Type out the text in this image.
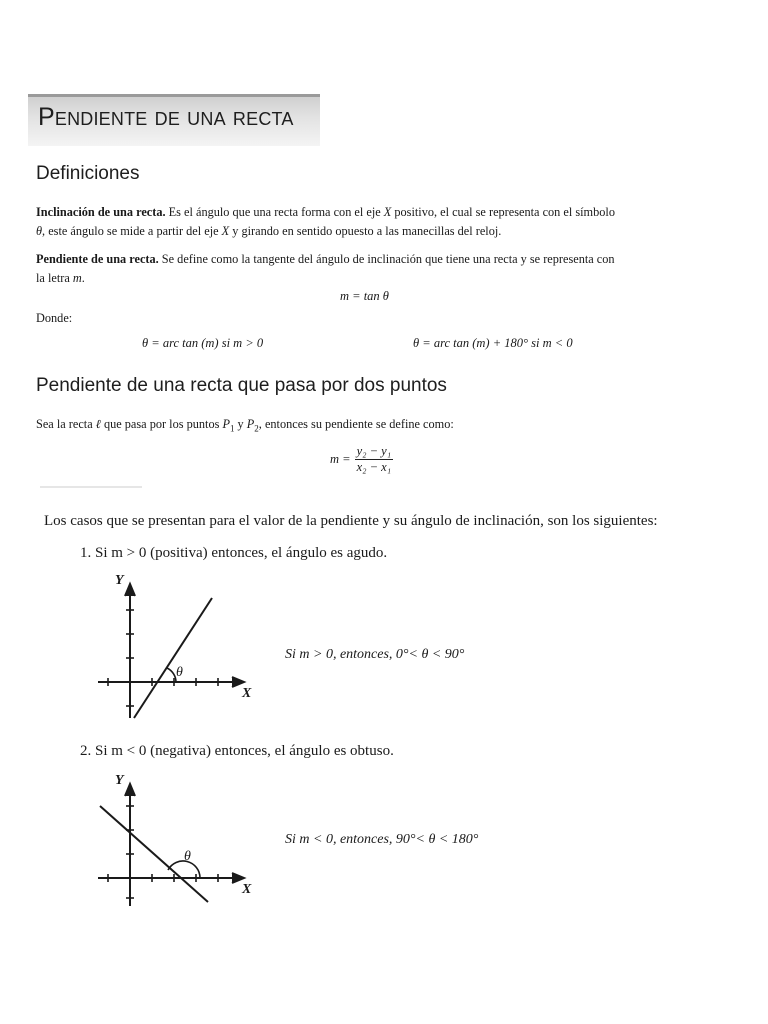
Pendiente de una recta
Definiciones
Inclinación de una recta. Es el ángulo que una recta forma con el eje X positivo, el cual se representa con el símbolo
θ, este ángulo se mide a partir del eje X y girando en sentido opuesto a las manecillas del reloj.
Pendiente de una recta. Se define como la tangente del ángulo de inclinación que tiene una recta y se representa con
la letra m.
m = tan θ
Donde:
θ = arc tan (m) si m > 0	θ = arc tan (m) + 180° si m < 0
Pendiente de una recta que pasa por dos puntos
Sea la recta ℓ que pasa por los puntos $P_1$ y $P_2$, entonces su pendiente se define como:
$m = \frac{\text{y₂ − y₁}}{\text{x₂ − x₁}}$
Los casos que se presentan para el valor de la pendiente y su ángulo de inclinación, son los siguientes:
1. Si m > 0 (positiva) entonces, el ángulo es agudo.
Y
X
θ
Si m > 0, entonces, 0°< θ < 90°
2. Si m < 0 (negativa) entonces, el ángulo es obtuso.
Y
X
θ
Si m < 0, entonces, 90°< θ < 180°
